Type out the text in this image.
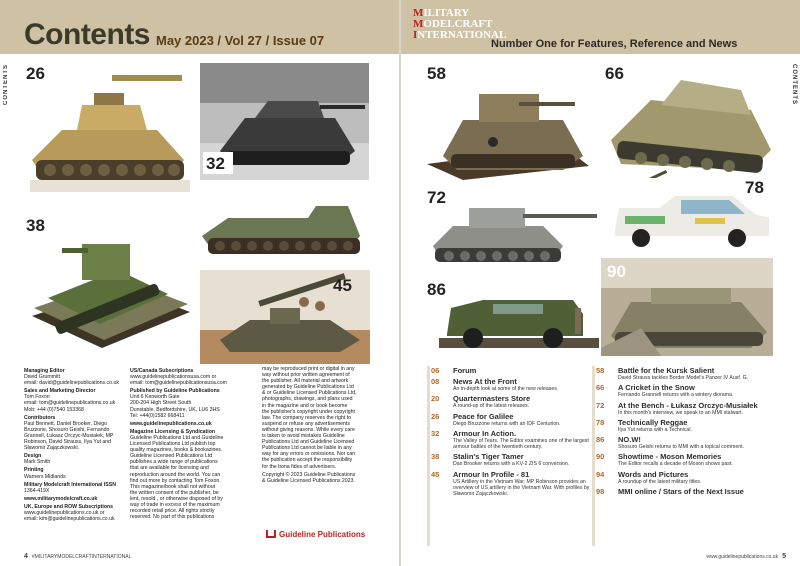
CONTENTS
Contents May 2023 / Vol 27 / Issue 07
26
32
38
45
Managing Editor
David Grummitt
email: david@guidelinepublications.co.uk
Sales and Marketing Director
Tom Foxon
email: tom@guidelinepublications.co.uk
Mob: +44 (0)7540 153368
Contributors
Paul Bennett, Daniel Brooker, Diego
Bruzzone, Shosuro Geishi, Fernando
Grannell, Łukasz Orczyc-Musiałek, MP
Robinson, David Strauss, Ilya Yut and
Sławomir Zajączkowski.
Design
Mark Smith
Printing
Warners Midlands
Military Modelcraft International ISSN
1364-419X
www.militarymodelcraft.co.uk
UK, Europe and ROW Subscriptions
www.guidelinepublications.co.uk or
email: kim@guidelinepublications.co.uk
US/Canada Subscriptions
www.guidelinepublicationsusa.com or
email: tom@guidelinepublicationsusa.com
Published by Guideline Publications
Unit 6 Kenworth Gate
200-204 High Street South
Dunstable, Bedfordshire, UK, LU6 3HS
Tel: +44(0)1582 668411
www.guidelinepublications.co.uk
Magazine Licensing & Syndication
Guideline Publications Ltd and Guideline
Licensed Publications Ltd publish top
quality magazines, books & bookazines.
Guideline Licensed Publications Ltd
publishes a wide range of publications
that are available for licensing and
reproduction around the world. You can
find out more by contacting Tom Foxon.
This magazine/book shall not without
the written consent of the publisher, be
lent, resold , or otherwise disposed of by
way of trade in excess of the maximum
recorded retail price. All rights strictly
reserved. No part of this publications
may be reproduced print or digital in any
way without prior written agreement of
the publisher. All material and artwork
generated by Guideline Publications Ltd
& or Guideline Licensed Publications Ltd,
photographs, drawings, and plans used
in the magazine and or book become
the publisher's copyright under copyright
law. The company reserves the right to
suspend or refuse any advertisements
without giving reasons. While every care
is taken to avoid mistakes Guideline
Publications Ltd and Guideline Licensed
Publications Ltd cannot be liable in any
way for any errors or omissions. Nor can
the publication accept the responsibility
for the bona fides of advertisers.
Copyright © 2023 Guideline Publications
& Guideline Licensed Publications 2023.
Guideline Publications
4 #MILITARYMODELCRAFTINTERNATIONAL
CONTENTS
MILITARY
MODELCRAFT
INTERNATIONAL
Number One for Features, Reference and News
58	66
72
78
86
90
06	Forum
08	News At the Front
An in-depth look at some of the new releases.
20	Quartermasters Store
A round-up of the latest releases.
26	Peace for Galilee
Diego Bruzzone returns with an IDF Centurion.
32	Armour In Action.
The Valley of Tears. The Editor examines one of the largest armour battles of the twentieth century.
38	Stalin's Tiger Tamer
Dan Brooker returns with a KV-2 ZIS 6 conversion.
45	Armour In Profile - 81
US Artillery in the Vietnam War. MP Robinson provides an overview of US artillery in the Vietnam War. With profiles by Sławomir Zajączkowski.
58	Battle for the Kursk Salient
David Strauss tackles Border Model's Panzer IV Ausf. G.
66	A Cricket in the Snow
Fernando Grannell returns with a wintery diorama.
72	At the Bench - Łukasz Orczyc-Musiałek
In this month's interview, we speak to an MMI stalwart.
78	Technically Reggae
Ilya Yut returns with a Technical.
86	NO.W!
Shosuro Geishi returns to MMI with a topical comment.
90	Showtime - Moson Memories
The Editor recalls a decade of Moson shows past.
94	Words and Pictures
A roundup of the latest military titles.
98	MMI online / Stars of the Next Issue
www.guidelinepublications.co.uk 5
